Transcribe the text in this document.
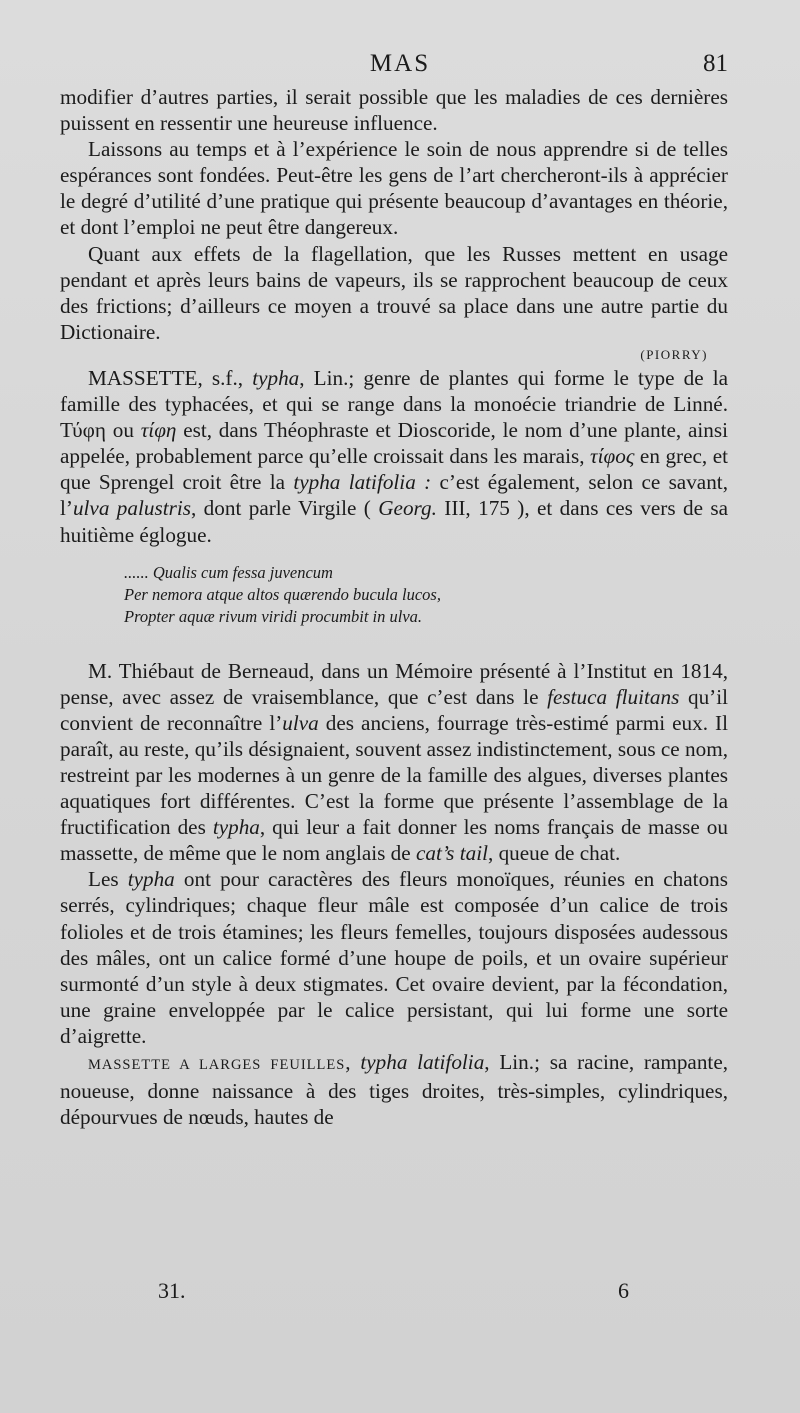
MAS	81

modifier d’autres parties, il serait possible que les maladies de ces dernières puissent en ressentir une heureuse influence.

Laissons au temps et à l’expérience le soin de nous apprendre si de telles espérances sont fondées. Peut-être les gens de l’art chercheront-ils à apprécier le degré d’utilité d’une pratique qui présente beaucoup d’avantages en théorie, et dont l’emploi ne peut être dangereux.

Quant aux effets de la flagellation, que les Russes mettent en usage pendant et après leurs bains de vapeurs, ils se rapprochent beaucoup de ceux des frictions; d’ailleurs ce moyen a trouvé sa place dans une autre partie du Dictionaire.

(PIORRY)

MASSETTE, s.f., typha, Lin.; genre de plantes qui forme le type de la famille des typhacées, et qui se range dans la monoécie triandrie de Linné. Τύφη ou τίφη est, dans Théophraste et Dioscoride, le nom d’une plante, ainsi appelée, probablement parce qu’elle croissait dans les marais, τίφος en grec, et que Sprengel croit être la typha latifolia : c’est également, selon ce savant, l’ulva palustris, dont parle Virgile ( Georg. III, 175 ), et dans ces vers de sa huitième églogue.

...... Qualis cum fessa juvencum
Per nemora atque altos quærendo bucula lucos,
Propter aquæ rivum viridi procumbit in ulva.

M. Thiébaut de Berneaud, dans un Mémoire présenté à l’Institut en 1814, pense, avec assez de vraisemblance, que c’est dans le festuca fluitans qu’il convient de reconnaître l’ulva des anciens, fourrage très-estimé parmi eux. Il paraît, au reste, qu’ils désignaient, souvent assez indistinctement, sous ce nom, restreint par les modernes à un genre de la famille des algues, diverses plantes aquatiques fort différentes. C’est la forme que présente l’assemblage de la fructification des typha, qui leur a fait donner les noms français de masse ou massette, de même que le nom anglais de cat’s tail, queue de chat.

Les typha ont pour caractères des fleurs monoïques, réunies en chatons serrés, cylindriques; chaque fleur mâle est composée d’un calice de trois folioles et de trois étamines; les fleurs femelles, toujours disposées audessous des mâles, ont un calice formé d’une houpe de poils, et un ovaire supérieur surmonté d’un style à deux stigmates. Cet ovaire devient, par la fécondation, une graine enveloppée par le calice persistant, qui lui forme une sorte d’aigrette.

MASSETTE A LARGES FEUILLES, typha latifolia, Lin.; sa racine, rampante, noueuse, donne naissance à des tiges droites, très-simples, cylindriques, dépourvues de nœuds, hautes de

31.	6
